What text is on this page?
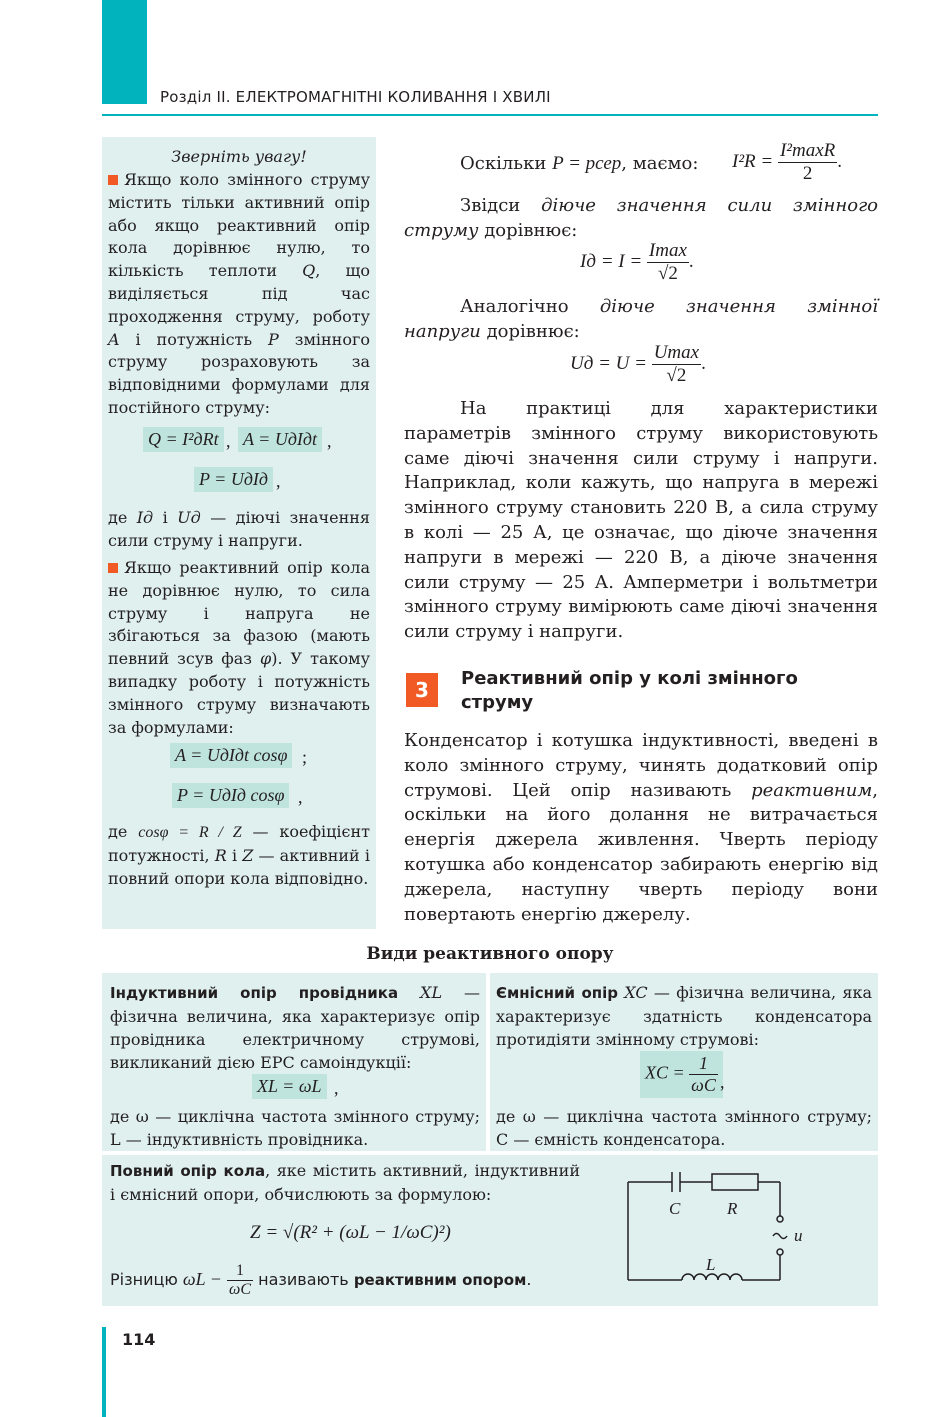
Розділ ІІ. ЕЛЕКТРОМАГНІТНІ КОЛИВАННЯ І ХВИЛІ
Зверніть увагу!

Якщо коло змінного струму містить тільки активний опір або якщо реактивний опір кола дорівнює нулю, то кількість теплоти Q, що виділяється під час проходження струму, роботу A і потужність P змінного струму розраховують за відповідними формулами для постійного струму:

Q = I²дRt , A = UдIдt ,
P = UдIд ,

де Iд і Uд — діючі значення сили струму і напруги.

Якщо реактивний опір кола не дорівнює нулю, то сила струму і напруга не збігаються за фазою (мають певний зсув фаз φ). У такому випадку роботу і потужність змінного струму визначають за формулами:

A = UдIдt cosφ ;
P = UдIд cosφ ,

де cosφ = R / Z — коефіцієнт потужності, R і Z — активний і повний опори кола відповідно.

Оскільки P = pсер, маємо:	$I^2R = \frac{\text{I²maxR}}{2}$ .

Звідси діюче значення сили змінного струму дорівнює:

Iд = $I = \frac{Imax}{√2}$ .

Аналогічно діюче значення змінної напруги дорівнює:

Uд = $U = \frac{Umax}{√2}$ .
На практиці для характеристики параметрів змінного струму використовують саме діючі значення сили струму і напруги. Наприклад, коли кажуть, що напруга в мережі змінного струму становить 220 В, а сила струму в колі — 25 А, це означає, що діюче значення напруги в мережі — 220 В, а діюче значення сили струму — 25 А. Амперметри і вольтметри змінного струму вимірюють саме діючі значення сили струму і напруги.
3	Реактивний опір у колі змінного струму

Конденсатор і котушка індуктивності, введені в коло змінного струму, чинять додатковий опір струмові. Цей опір називають реактивним, оскільки на його долання не витрачається енергія джерела живлення. Чверть періоду котушка або конденсатор забирають енергію від джерела, наступну чверть періоду вони повертають енергію джерелу.

Види реактивного опору

Індуктивний опір провідника XL — фізична величина, яка характеризує опір провідника електричному струмові, викликаний дією ЕРС самоіндукції:

XL = ωL ,
де ω — циклічна частота змінного струму; L — індуктивність провідника.

Ємнісний опір XC — фізична величина, яка характеризує здатність конденсатора протидіяти змінному струмові:

XC = $\frac{1}{\omega C}$ ,
де ω — циклічна частота змінного струму; C — ємність конденсатора.

Повний опір кола, яке містить активний, індуктивний і ємнісний опори, обчислюють за формулою:

Z = √(R² + (ωL − 1/ωC)²)

Різницю $\omega L - \frac{1}{\omega C}$ називають реактивним опором.

C	R
u
L
114
